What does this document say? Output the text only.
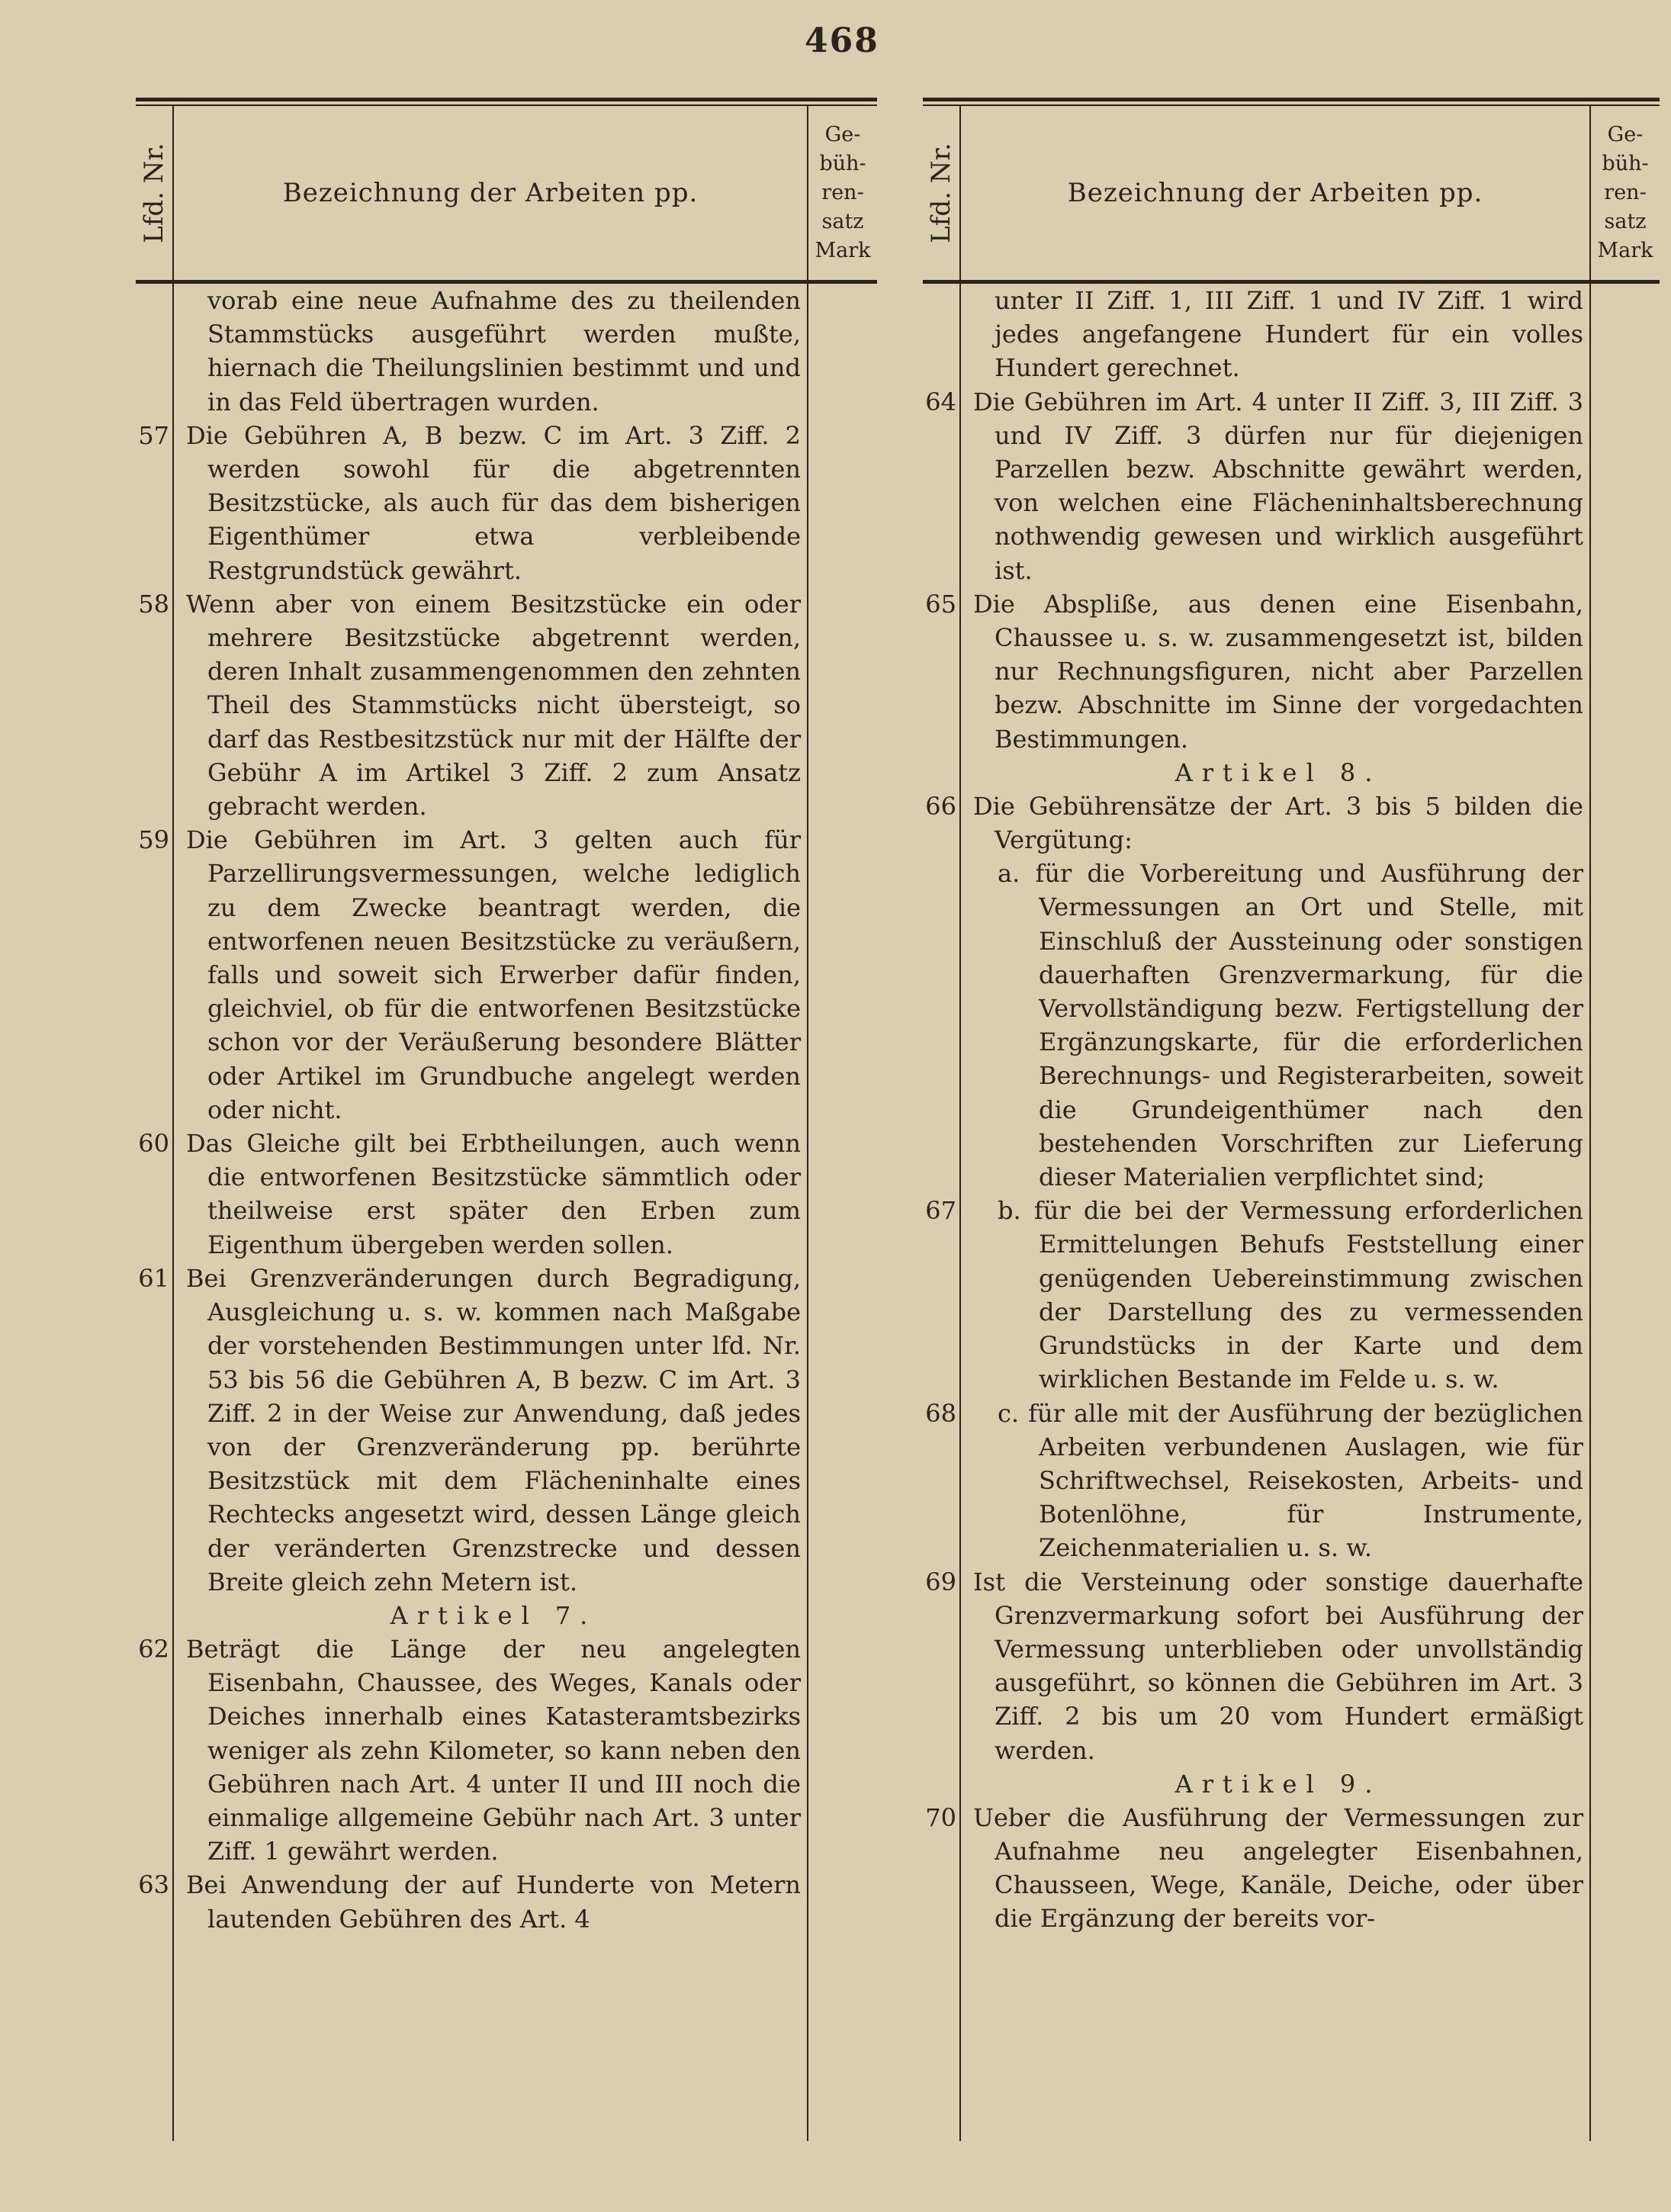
468
Lfd. Nr.	Bezeichnung der Arbeiten pp.
Ge-
büh-
ren-
satz
Mark

vorab eine neue Aufnahme des zu theilenden Stammstücks ausgeführt werden mußte, hiernach die Theilungslinien bestimmt und und in das Feld übertragen wurden.

57 Die Gebühren A, B bezw. C im Art. 3 Ziff. 2 werden sowohl für die abgetrennten Besitzstücke, als auch für das dem bisherigen Eigenthümer etwa verbleibende Restgrundstück gewährt.

58 Wenn aber von einem Besitzstücke ein oder mehrere Besitzstücke abgetrennt werden, deren Inhalt zusammengenommen den zehnten Theil des Stammstücks nicht übersteigt, so darf das Restbesitzstück nur mit der Hälfte der Gebühr A im Artikel 3 Ziff. 2 zum Ansatz gebracht werden.

59 Die Gebühren im Art. 3 gelten auch für Parzellirungsvermessungen, welche lediglich zu dem Zwecke beantragt werden, die entworfenen neuen Besitzstücke zu veräußern, falls und soweit sich Erwerber dafür finden, gleichviel, ob für die entworfenen Besitzstücke schon vor der Veräußerung besondere Blätter oder Artikel im Grundbuche angelegt werden oder nicht.

60 Das Gleiche gilt bei Erbtheilungen, auch wenn die entworfenen Besitzstücke sämmtlich oder theilweise erst später den Erben zum Eigenthum übergeben werden sollen.

61 Bei Grenzveränderungen durch Begradigung, Ausgleichung u. s. w. kommen nach Maßgabe der vorstehenden Bestimmungen unter lfd. Nr. 53 bis 56 die Gebühren A, B bezw. C im Art. 3 Ziff. 2 in der Weise zur Anwendung, daß jedes von der Grenzveränderung pp. berührte Besitzstück mit dem Flächeninhalte eines Rechtecks angesetzt wird, dessen Länge gleich der veränderten Grenzstrecke und dessen Breite gleich zehn Metern ist.

Artikel 7.

62 Beträgt die Länge der neu angelegten Eisenbahn, Chaussee, des Weges, Kanals oder Deiches innerhalb eines Katasteramtsbezirks weniger als zehn Kilometer, so kann neben den Gebühren nach Art. 4 unter II und III noch die einmalige allgemeine Gebühr nach Art. 3 unter Ziff. 1 gewährt werden.

63 Bei Anwendung der auf Hunderte von Metern lautenden Gebühren des Art. 4

Lfd. Nr.	Bezeichnung der Arbeiten pp.
Ge-
büh-
ren-
satz
Mark

unter II Ziff. 1, III Ziff. 1 und IV Ziff. 1 wird jedes angefangene Hundert für ein volles Hundert gerechnet.

64 Die Gebühren im Art. 4 unter II Ziff. 3, III Ziff. 3 und IV Ziff. 3 dürfen nur für diejenigen Parzellen bezw. Abschnitte gewährt werden, von welchen eine Flächeninhaltsberechnung nothwendig gewesen und wirklich ausgeführt ist.

65 Die Abspliße, aus denen eine Eisenbahn, Chaussee u. s. w. zusammengesetzt ist, bilden nur Rechnungsfiguren, nicht aber Parzellen bezw. Abschnitte im Sinne der vorgedachten Bestimmungen.

Artikel 8.

66 Die Gebührensätze der Art. 3 bis 5 bilden die Vergütung:

a. für die Vorbereitung und Ausführung der Vermessungen an Ort und Stelle, mit Einschluß der Aussteinung oder sonstigen dauerhaften Grenzvermarkung, für die Vervollständigung bezw. Fertigstellung der Ergänzungskarte, für die erforderlichen Berechnungs- und Registerarbeiten, soweit die Grundeigenthümer nach den bestehenden Vorschriften zur Lieferung dieser Materialien verpflichtet sind;

67 b. für die bei der Vermessung erforderlichen Ermittelungen Behufs Feststellung einer genügenden Uebereinstimmung zwischen der Darstellung des zu vermessenden Grundstücks in der Karte und dem wirklichen Bestande im Felde u. s. w.

68 c. für alle mit der Ausführung der bezüglichen Arbeiten verbundenen Auslagen, wie für Schriftwechsel, Reisekosten, Arbeits- und Botenlöhne, für Instrumente, Zeichenmaterialien u. s. w.

69 Ist die Versteinung oder sonstige dauerhafte Grenzvermarkung sofort bei Ausführung der Vermessung unterblieben oder unvollständig ausgeführt, so können die Gebühren im Art. 3 Ziff. 2 bis um 20 vom Hundert ermäßigt werden.

Artikel 9.

70 Ueber die Ausführung der Vermessungen zur Aufnahme neu angelegter Eisenbahnen, Chausseen, Wege, Kanäle, Deiche, oder über die Ergänzung der bereits vor-
